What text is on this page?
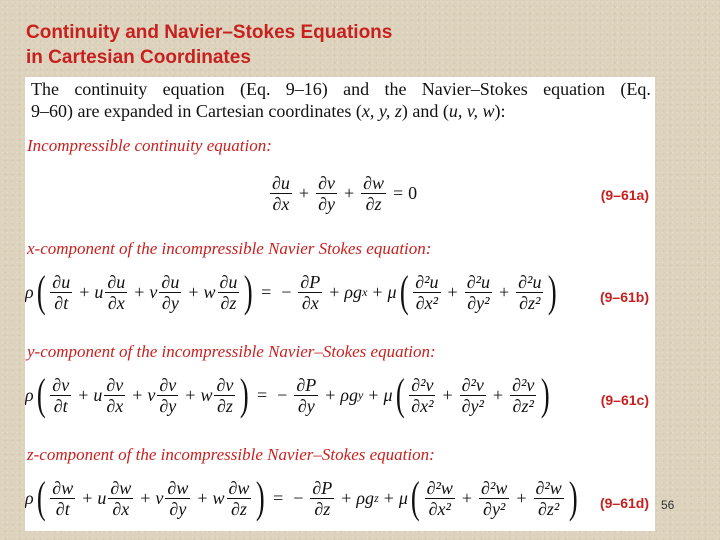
Continuity and Navier–Stokes Equations
in Cartesian Coordinates
The continuity equation (Eq. 9–16) and the Navier–Stokes equation (Eq.
9–60) are expanded in Cartesian coordinates (x, y, z) and (u, v, w):
Incompressible continuity equation:
$\frac{\partial u}{\partial x} + \frac{\partial v}{\partial y} + \frac{\partial w}{\partial z} = 0$	(9–61a)
x-component of the incompressible Navier Stokes equation:
ρ ( $\frac{\partial u}{\partial t} + u \frac{\partial u}{\partial x} + v \frac{\partial u}{\partial y} + w \frac{\partial u}{\partial z}$ ) = − $\frac{\partial P}{\partial x} + \rho g$ x + μ ( $\frac{\text{∂²u}}{\text{∂x²}} + \frac{\text{∂²u}}{\text{∂y²}} + \frac{\text{∂²u}}{\text{∂z²}}$ )	(9–61b)
y-component of the incompressible Navier–Stokes equation:
ρ ( $\frac{\partial v}{\partial t} + u \frac{\partial v}{\partial x} + v \frac{\partial v}{\partial y} + w \frac{\partial v}{\partial z}$ ) = − $\frac{\partial P}{\partial y} + \rho g$ y + μ ( $\frac{\text{∂²v}}{\text{∂x²}} + \frac{\text{∂²v}}{\text{∂y²}} + \frac{\text{∂²v}}{\text{∂z²}}$ )	(9–61c)
z-component of the incompressible Navier–Stokes equation:
ρ ( $\frac{\partial w}{\partial t} + u \frac{\partial w}{\partial x} + v \frac{\partial w}{\partial y} + w \frac{\partial w}{\partial z}$ ) = − $\frac{\partial P}{\partial z} + \rho g$ z + μ ( $\frac{\text{∂²w}}{\text{∂x²}} + \frac{\text{∂²w}}{\text{∂y²}} + \frac{\text{∂²w}}{\text{∂z²}}$ ) (9–61d) 56
